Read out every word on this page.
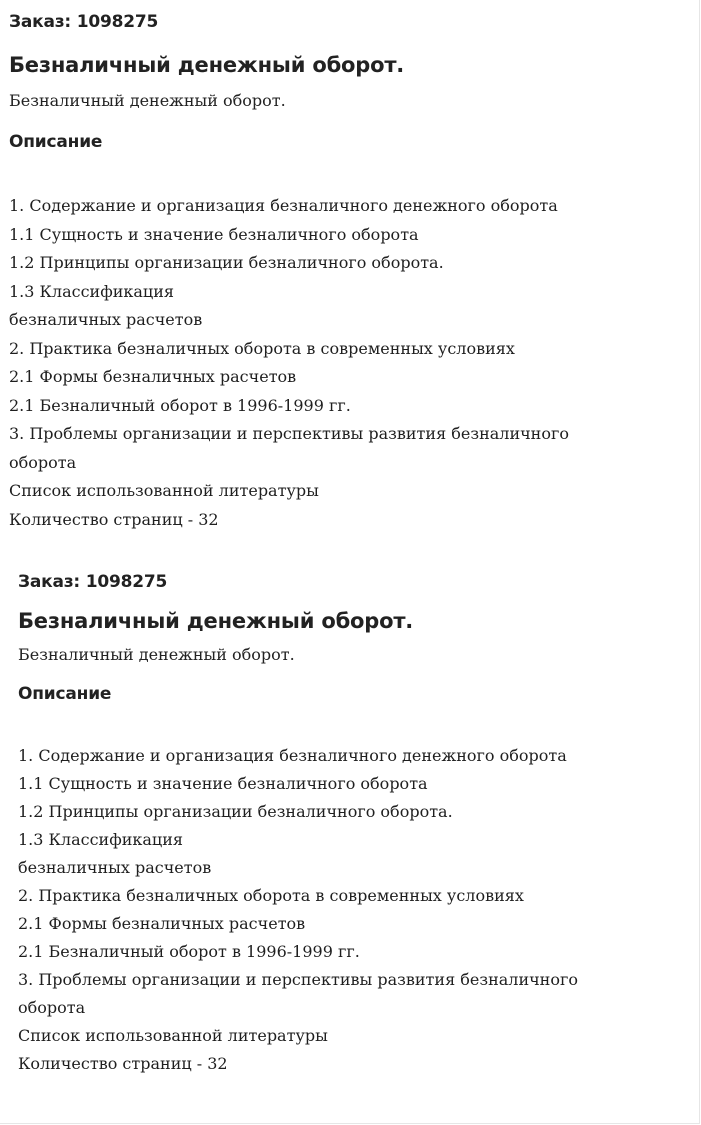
Заказ: 1098275

Безналичный денежный оборот.

Безналичный денежный оборот.

Описание
1. Содержание и организация безналичного денежного оборота
1.1 Сущность и значение безналичного оборота
1.2 Принципы организации безналичного оборота.
1.3 Классификация
безналичных расчетов
2. Практика безналичных оборота в современных условиях
2.1 Формы безналичных расчетов
2.1 Безналичный оборот в 1996-1999 гг.
3. Проблемы организации и перспективы развития безналичного
оборота
Список использованной литературы
Количество страниц - 32

Заказ: 1098275

Безналичный денежный оборот.

Безналичный денежный оборот.

Описание
1. Содержание и организация безналичного денежного оборота
1.1 Сущность и значение безналичного оборота
1.2 Принципы организации безналичного оборота.
1.3 Классификация
безналичных расчетов
2. Практика безналичных оборота в современных условиях
2.1 Формы безналичных расчетов
2.1 Безналичный оборот в 1996-1999 гг.
3. Проблемы организации и перспективы развития безналичного
оборота
Список использованной литературы
Количество страниц - 32
